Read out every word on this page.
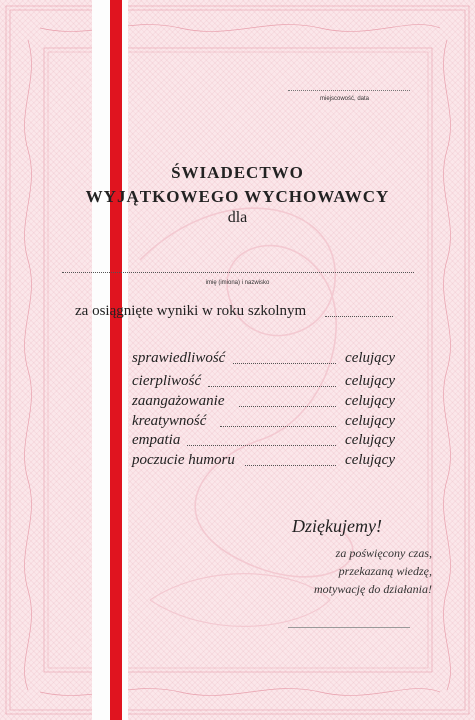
miejscowość, data
ŚWIADECTWO
WYJĄTKOWEGO WYCHOWAWCY
dla
imię (imiona) i nazwisko
za osiągnięte wyniki w roku szkolnym
sprawiedliwość	celujący
cierpliwość	celujący
zaangażowanie	celujący
kreatywność	celujący
empatia	celujący
poczucie humoru	celujący
Dziękujemy!
za poświęcony czas,
przekazaną wiedzę,
motywację do działania!
